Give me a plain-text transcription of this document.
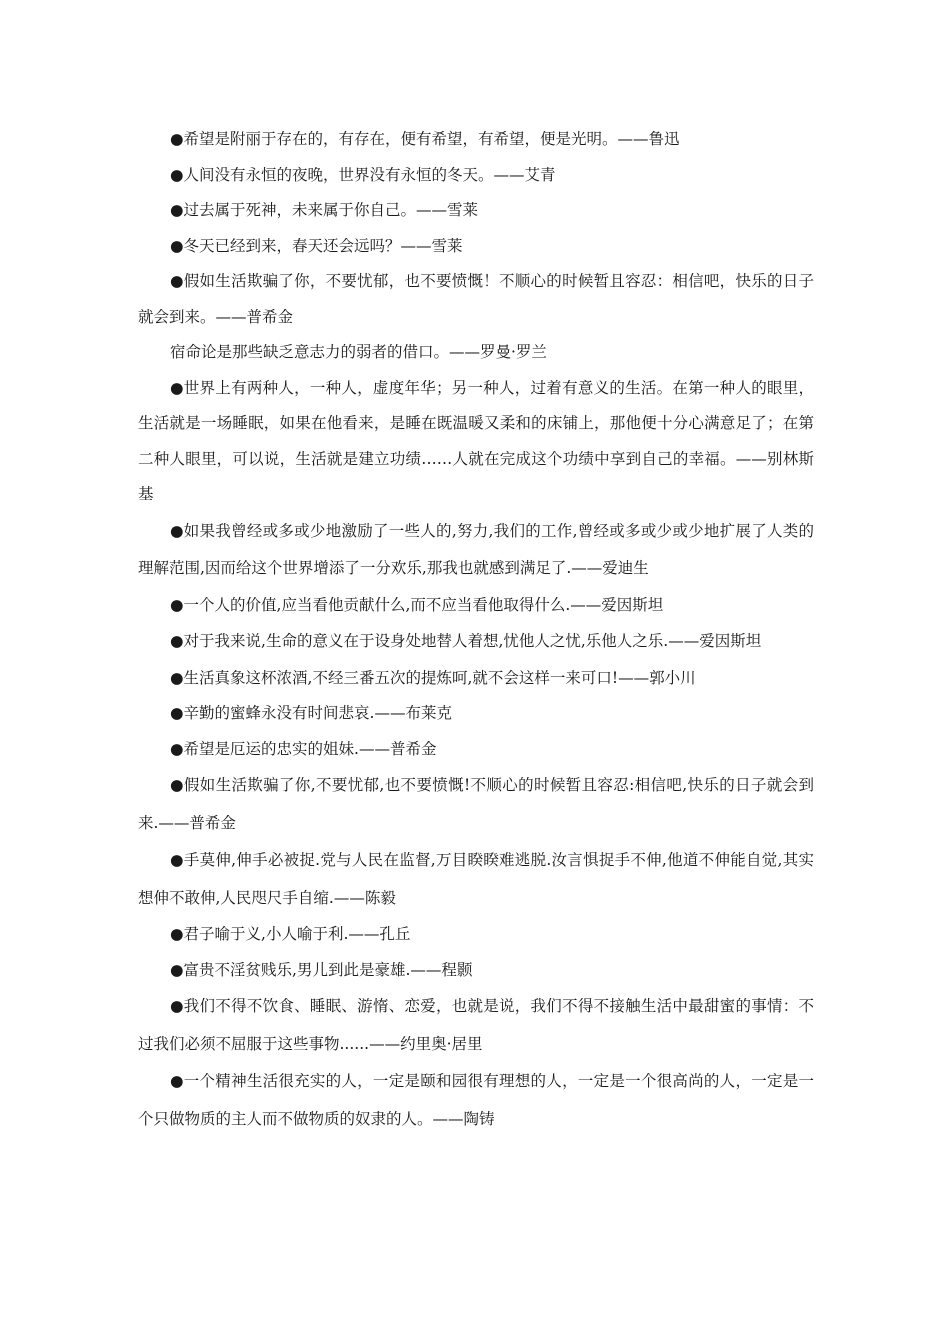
●希望是附丽于存在的，有存在，便有希望，有希望，便是光明。——鲁迅

●人间没有永恒的夜晚，世界没有永恒的冬天。——艾青

●过去属于死神，未来属于你自己。——雪莱

●冬天已经到来，春天还会远吗？——雪莱

●假如生活欺骗了你，不要忧郁，也不要愤慨！不顺心的时候暂且容忍：相信吧，快乐的日子就会到来。——普希金

宿命论是那些缺乏意志力的弱者的借口。——罗曼·罗兰

●世界上有两种人，一种人，虚度年华；另一种人，过着有意义的生活。在第一种人的眼里，生活就是一场睡眠，如果在他看来，是睡在既温暖又柔和的床铺上，那他便十分心满意足了；在第二种人眼里，可以说，生活就是建立功绩……人就在完成这个功绩中享到自己的幸福。——别林斯基

●如果我曾经或多或少地激励了一些人的,努力,我们的工作,曾经或多或少或少地扩展了人类的理解范围,因而给这个世界增添了一分欢乐,那我也就感到满足了.——爱迪生

●一个人的价值,应当看他贡献什么,而不应当看他取得什么.——爱因斯坦

●对于我来说,生命的意义在于设身处地替人着想,忧他人之忧,乐他人之乐.——爱因斯坦

●生活真象这杯浓酒,不经三番五次的提炼呵,就不会这样一来可口!——郭小川

●辛勤的蜜蜂永没有时间悲哀.——布莱克

●希望是厄运的忠实的姐妹.——普希金

●假如生活欺骗了你,不要忧郁,也不要愤慨!不顺心的时候暂且容忍:相信吧,快乐的日子就会到来.——普希金

●手莫伸,伸手必被捉.党与人民在监督,万目睽睽难逃脱.汝言惧捉手不伸,他道不伸能自觉,其实想伸不敢伸,人民咫尺手自缩.——陈毅

●君子喻于义,小人喻于利.——孔丘

●富贵不淫贫贱乐,男儿到此是豪雄.——程颢

●我们不得不饮食、睡眠、游惰、恋爱，也就是说，我们不得不接触生活中最甜蜜的事情：不过我们必须不屈服于这些事物......——约里奥·居里

●一个精神生活很充实的人，一定是颐和园很有理想的人，一定是一个很高尚的人，一定是一个只做物质的主人而不做物质的奴隶的人。——陶铸
